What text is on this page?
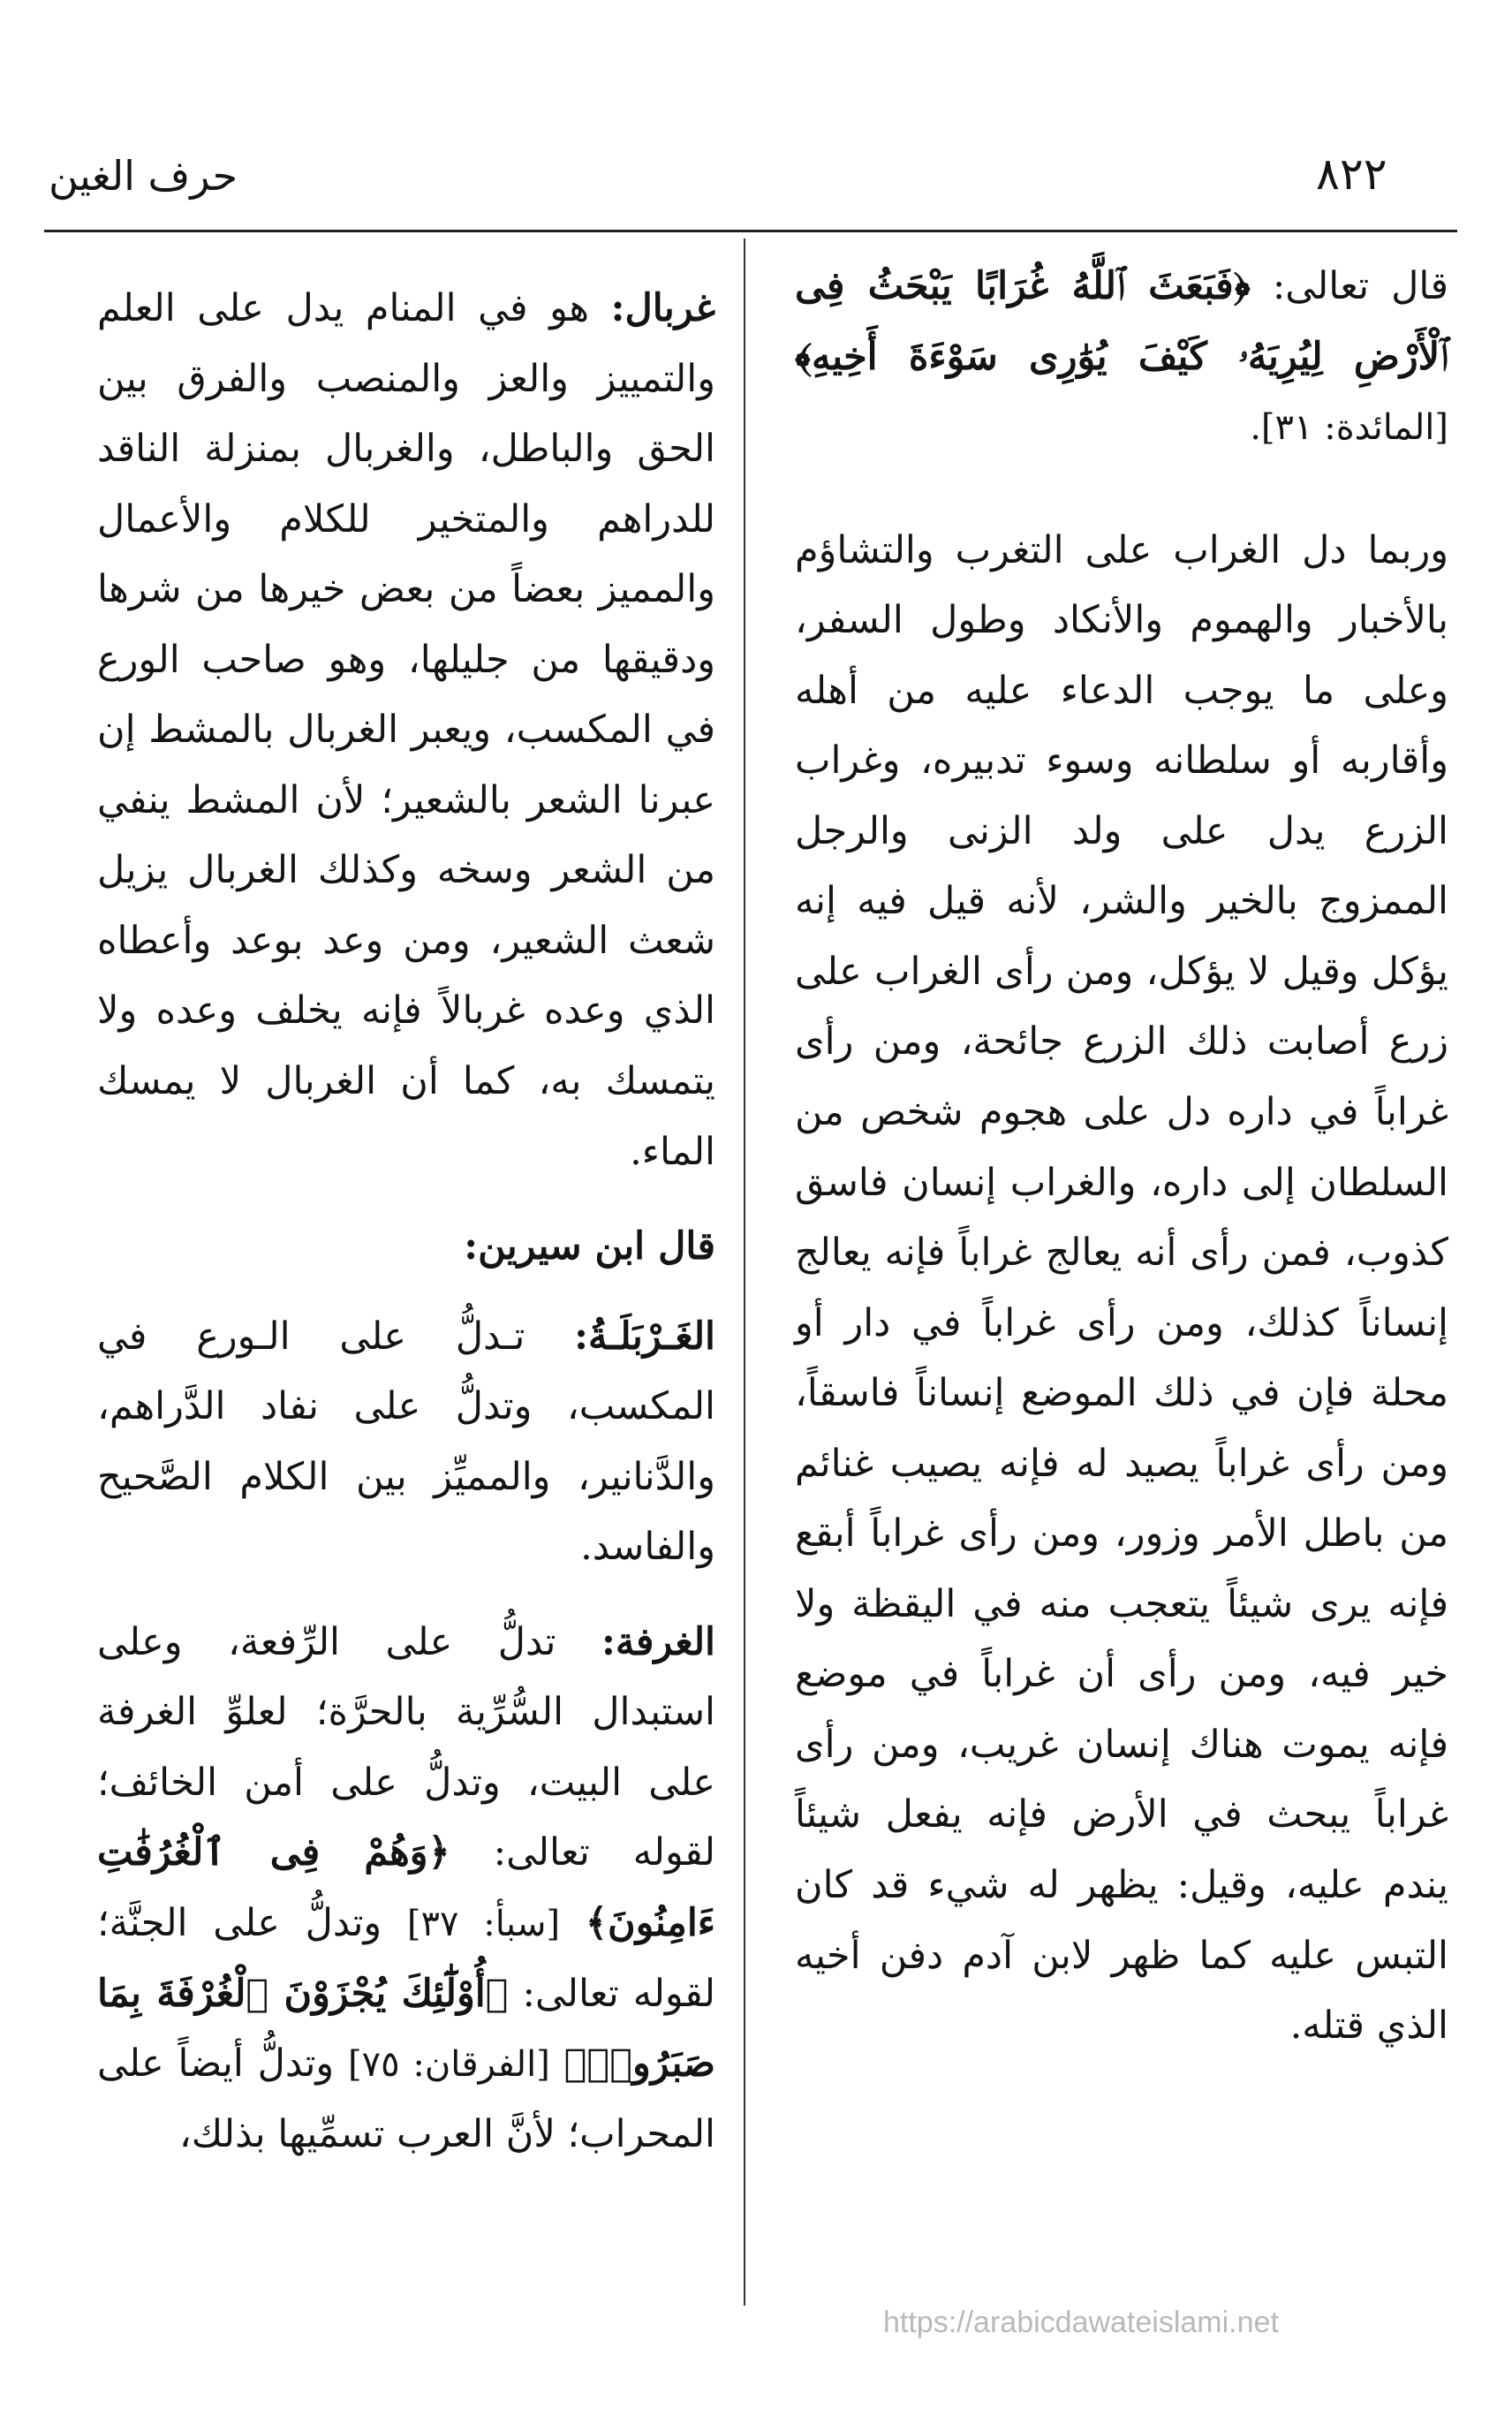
٨٢٢
حرف الغين

قال تعالى: ﴿فَبَعَثَ ٱللَّهُ غُرَابًا يَبْحَثُ فِى ٱلْأَرْضِ لِيُرِيَهُۥ كَيْفَ يُوَٰرِى سَوْءَةَ أَخِيهِ﴾ [المائدة: ٣١].

وربما دل الغراب على التغرب والتشاؤم بالأخبار والهموم والأنكاد وطول السفر، وعلى ما يوجب الدعاء عليه من أهله وأقاربه أو سلطانه وسوء تدبيره، وغراب الزرع يدل على ولد الزنى والرجل الممزوج بالخير والشر، لأنه قيل فيه إنه يؤكل وقيل لا يؤكل، ومن رأى الغراب على زرع أصابت ذلك الزرع جائحة، ومن رأى غراباً في داره دل على هجوم شخص من السلطان إلى داره، والغراب إنسان فاسق كذوب، فمن رأى أنه يعالج غراباً فإنه يعالج إنساناً كذلك، ومن رأى غراباً في دار أو محلة فإن في ذلك الموضع إنساناً فاسقاً، ومن رأى غراباً يصيد له فإنه يصيب غنائم من باطل الأمر وزور، ومن رأى غراباً أبقع فإنه يرى شيئاً يتعجب منه في اليقظة ولا خير فيه، ومن رأى أن غراباً في موضع فإنه يموت هناك إنسان غريب، ومن رأى غراباً يبحث في الأرض فإنه يفعل شيئاً يندم عليه، وقيل: يظهر له شيء قد كان التبس عليه كما ظهر لابن آدم دفن أخيه الذي قتله.

غربال: هو في المنام يدل على العلم والتمييز والعز والمنصب والفرق بين الحق والباطل، والغربال بمنزلة الناقد للدراهم والمتخير للكلام والأعمال والمميز بعضاً من بعض خيرها من شرها ودقيقها من جليلها، وهو صاحب الورع في المكسب، ويعبر الغربال بالمشط إن عبرنا الشعر بالشعير؛ لأن المشط ينفي من الشعر وسخه وكذلك الغربال يزيل شعث الشعير، ومن وعد بوعد وأعطاه الذي وعده غربالاً فإنه يخلف وعده ولا يتمسك به، كما أن الغربال لا يمسك الماء.

قال ابن سيرين:

الغَـرْبَلَـةُ: تـدلُّ على الـورع في المكسب، وتدلُّ على نفاد الدَّراهم، والدَّنانير، والمميِّز بين الكلام الصَّحيح والفاسد.

الغرفة: تدلُّ على الرِّفعة، وعلى استبدال السُّرِّية بالحرَّة؛ لعلوِّ الغرفة على البيت، وتدلُّ على أمن الخائف؛ لقوله تعالى: ﴿وَهُمْ فِى ٱلْغُرُفَٰتِ ءَامِنُونَ﴾ [سبأ: ٣٧] وتدلُّ على الجنَّة؛ لقوله تعالى: ﴿أُوْلَٰٓئِكَ يُجْزَوْنَ ٱلْغُرْفَةَ بِمَا صَبَرُوا۟﴾ [الفرقان: ٧٥] وتدلُّ أيضاً على المحراب؛ لأنَّ العرب تسمِّيها بذلك،

https://arabicdawateislami.net
